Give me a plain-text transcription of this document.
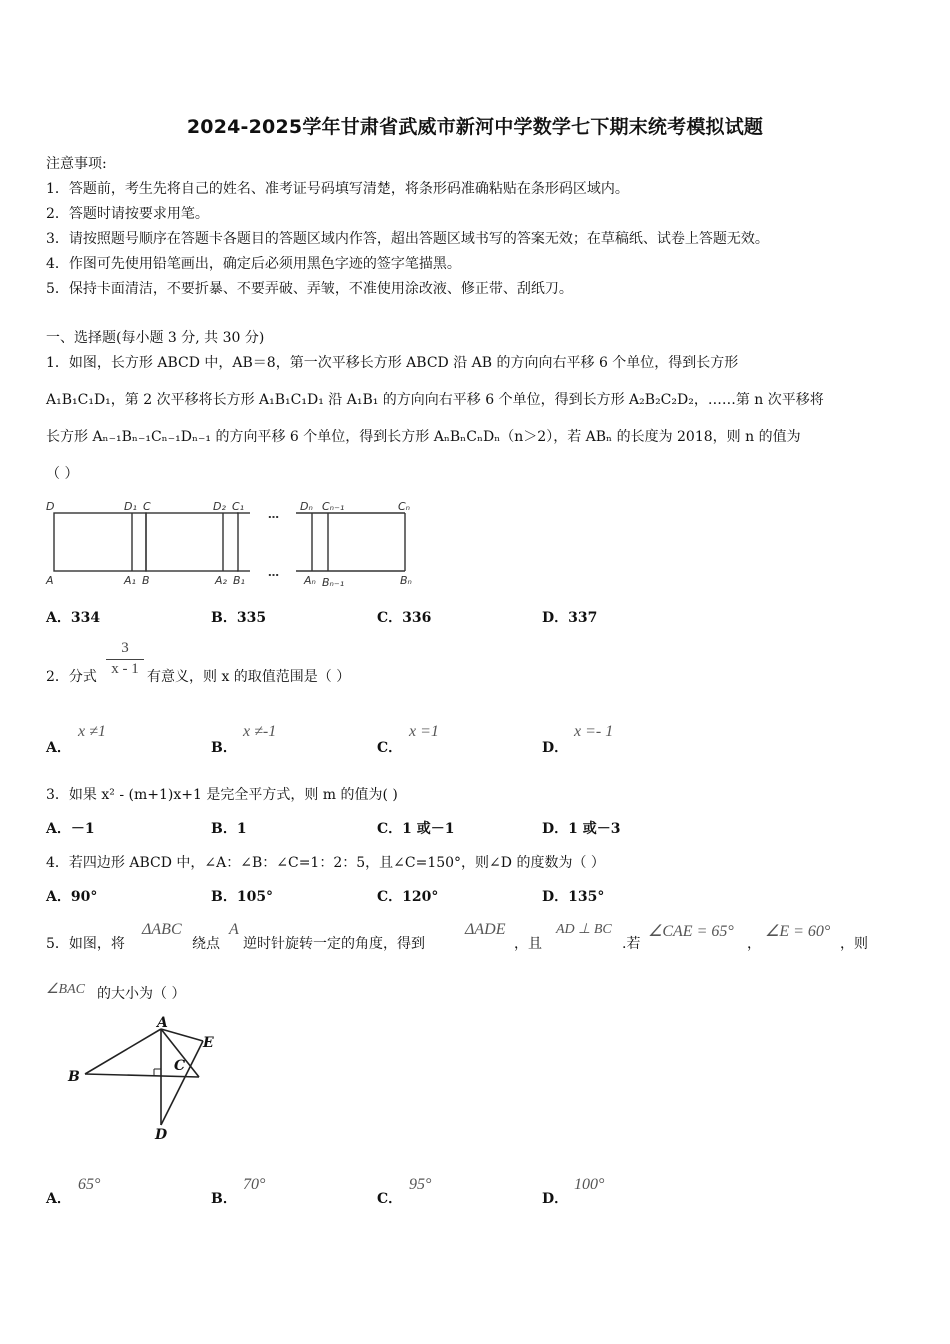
2024-2025学年甘肃省武威市新河中学数学七下期末统考模拟试题
注意事项:
1．答题前，考生先将自己的姓名、准考证号码填写清楚，将条形码准确粘贴在条形码区域内。
2．答题时请按要求用笔。
3．请按照题号顺序在答题卡各题目的答题区域内作答，超出答题区域书写的答案无效；在草稿纸、试卷上答题无效。
4．作图可先使用铅笔画出，确定后必须用黑色字迹的签字笔描黑。
5．保持卡面清洁，不要折暴、不要弄破、弄皱，不准使用涂改液、修正带、刮纸刀。
一、选择题(每小题 3 分, 共 30 分)
1．如图，长方形 ABCD 中，AB＝8，第一次平移长方形 ABCD 沿 AB 的方向向右平移 6 个单位，得到长方形
A₁B₁C₁D₁，第 2 次平移将长方形 A₁B₁C₁D₁ 沿 A₁B₁ 的方向向右平移 6 个单位，得到长方形 A₂B₂C₂D₂，……第 n 次平移将
长方形 Aₙ₋₁Bₙ₋₁Cₙ₋₁Dₙ₋₁ 的方向平移 6 个单位，得到长方形 AₙBₙCₙDₙ（n＞2），若 ABₙ 的长度为 2018，则 n 的值为
（ ）
D	D₁ C	D₂ C₁
…
Dₙ Cₙ₋₁	Cₙ
A	A₁ B	A₂ B₁
…
Aₙ Bₙ₋₁	Bₙ
A．334	B．335	C．336	D．337
2．分式 $\frac{3}{x - 1}$ 有意义，则 x 的取值范围是（ ）
A．
x ≠1
B．
x ≠-1
C．
x =1
D．
x =- 1
3．如果 x² - (m+1)x+1 是完全平方式，则 m 的值为( )
A．－1	B．1	C．1 或－1	D．1 或－3
4．若四边形 ABCD 中，∠A：∠B：∠C=1：2：5，且∠C=150°，则∠D 的度数为（ ）
A．90°	B．105°	C．120°	D．135°
5．如图，将
ΔABC
绕点
A
逆时针旋转一定的角度，得到
ΔADE
，且
AD ⊥ BC
.若
∠CAE = 65°
，
∠E = 60°
，则
∠BAC 的大小为（ ）
A
E
B
C
D
A．
65°
B．
70°
C．
95°
D．
100°
